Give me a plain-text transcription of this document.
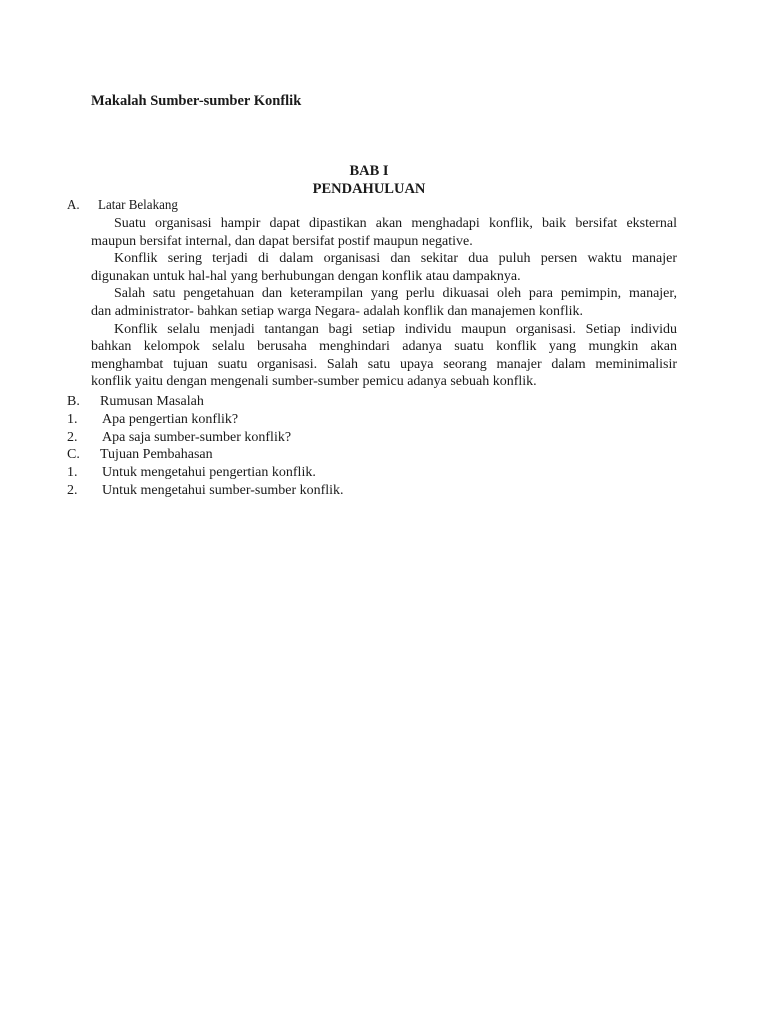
Makalah Sumber-sumber Konflik
BAB I
PENDAHULUAN
A. Latar Belakang
Suatu organisasi hampir dapat dipastikan akan menghadapi konflik, baik bersifat eksternal
maupun bersifat internal, dan dapat bersifat postif maupun negative.
Konflik sering terjadi di dalam organisasi dan sekitar dua puluh persen waktu manajer
digunakan untuk hal-hal yang berhubungan dengan konflik atau dampaknya.
Salah satu pengetahuan dan keterampilan yang perlu dikuasai oleh para pemimpin, manajer,
dan administrator- bahkan setiap warga Negara- adalah konflik dan manajemen konflik.
Konflik selalu menjadi tantangan bagi setiap individu maupun organisasi. Setiap individu
bahkan kelompok selalu berusaha menghindari adanya suatu konflik yang mungkin akan
menghambat tujuan suatu organisasi. Salah satu upaya seorang manajer dalam meminimalisir
konflik yaitu dengan mengenali sumber-sumber pemicu adanya sebuah konflik.
B. Rumusan Masalah
1. Apa pengertian konflik?
2. Apa saja sumber-sumber konflik?
C. Tujuan Pembahasan
1. Untuk mengetahui pengertian konflik.
2. Untuk mengetahui sumber-sumber konflik.
